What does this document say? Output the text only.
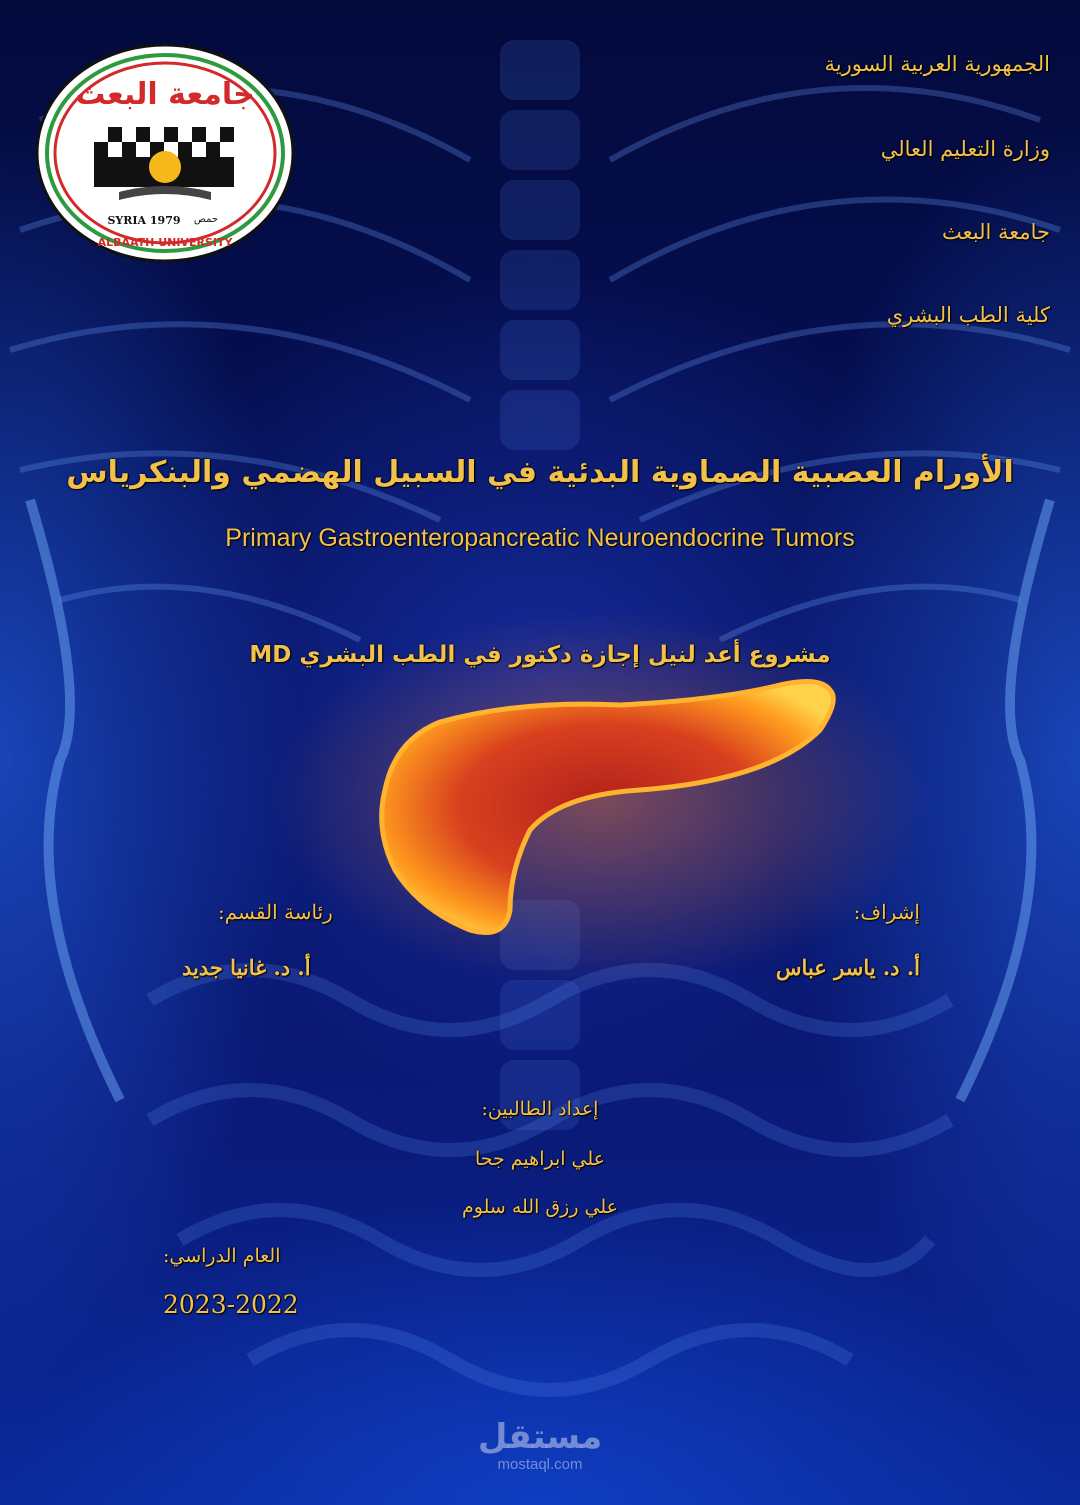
جامعة البعث
SYRIA 1979 حمص
ALBAATH UNIVERSITY
الجمهورية العربية السورية
وزارة التعليم العالي
جامعة البعث
كلية الطب البشري
الأورام العصبية الصماوية البدئية في السبيل الهضمي والبنكرياس
Primary Gastroenteropancreatic Neuroendocrine Tumors
مشروع أعد لنيل إجازة دكتور في الطب البشري MD
إشراف:
أ. د. ياسر عباس
رئاسة القسم:
أ. د. غانيا جديد
إعداد الطالبين:
علي ابراهيم جحا
علي رزق الله سلوم
العام الدراسي:
2023-2022
مستقل
mostaql.com
